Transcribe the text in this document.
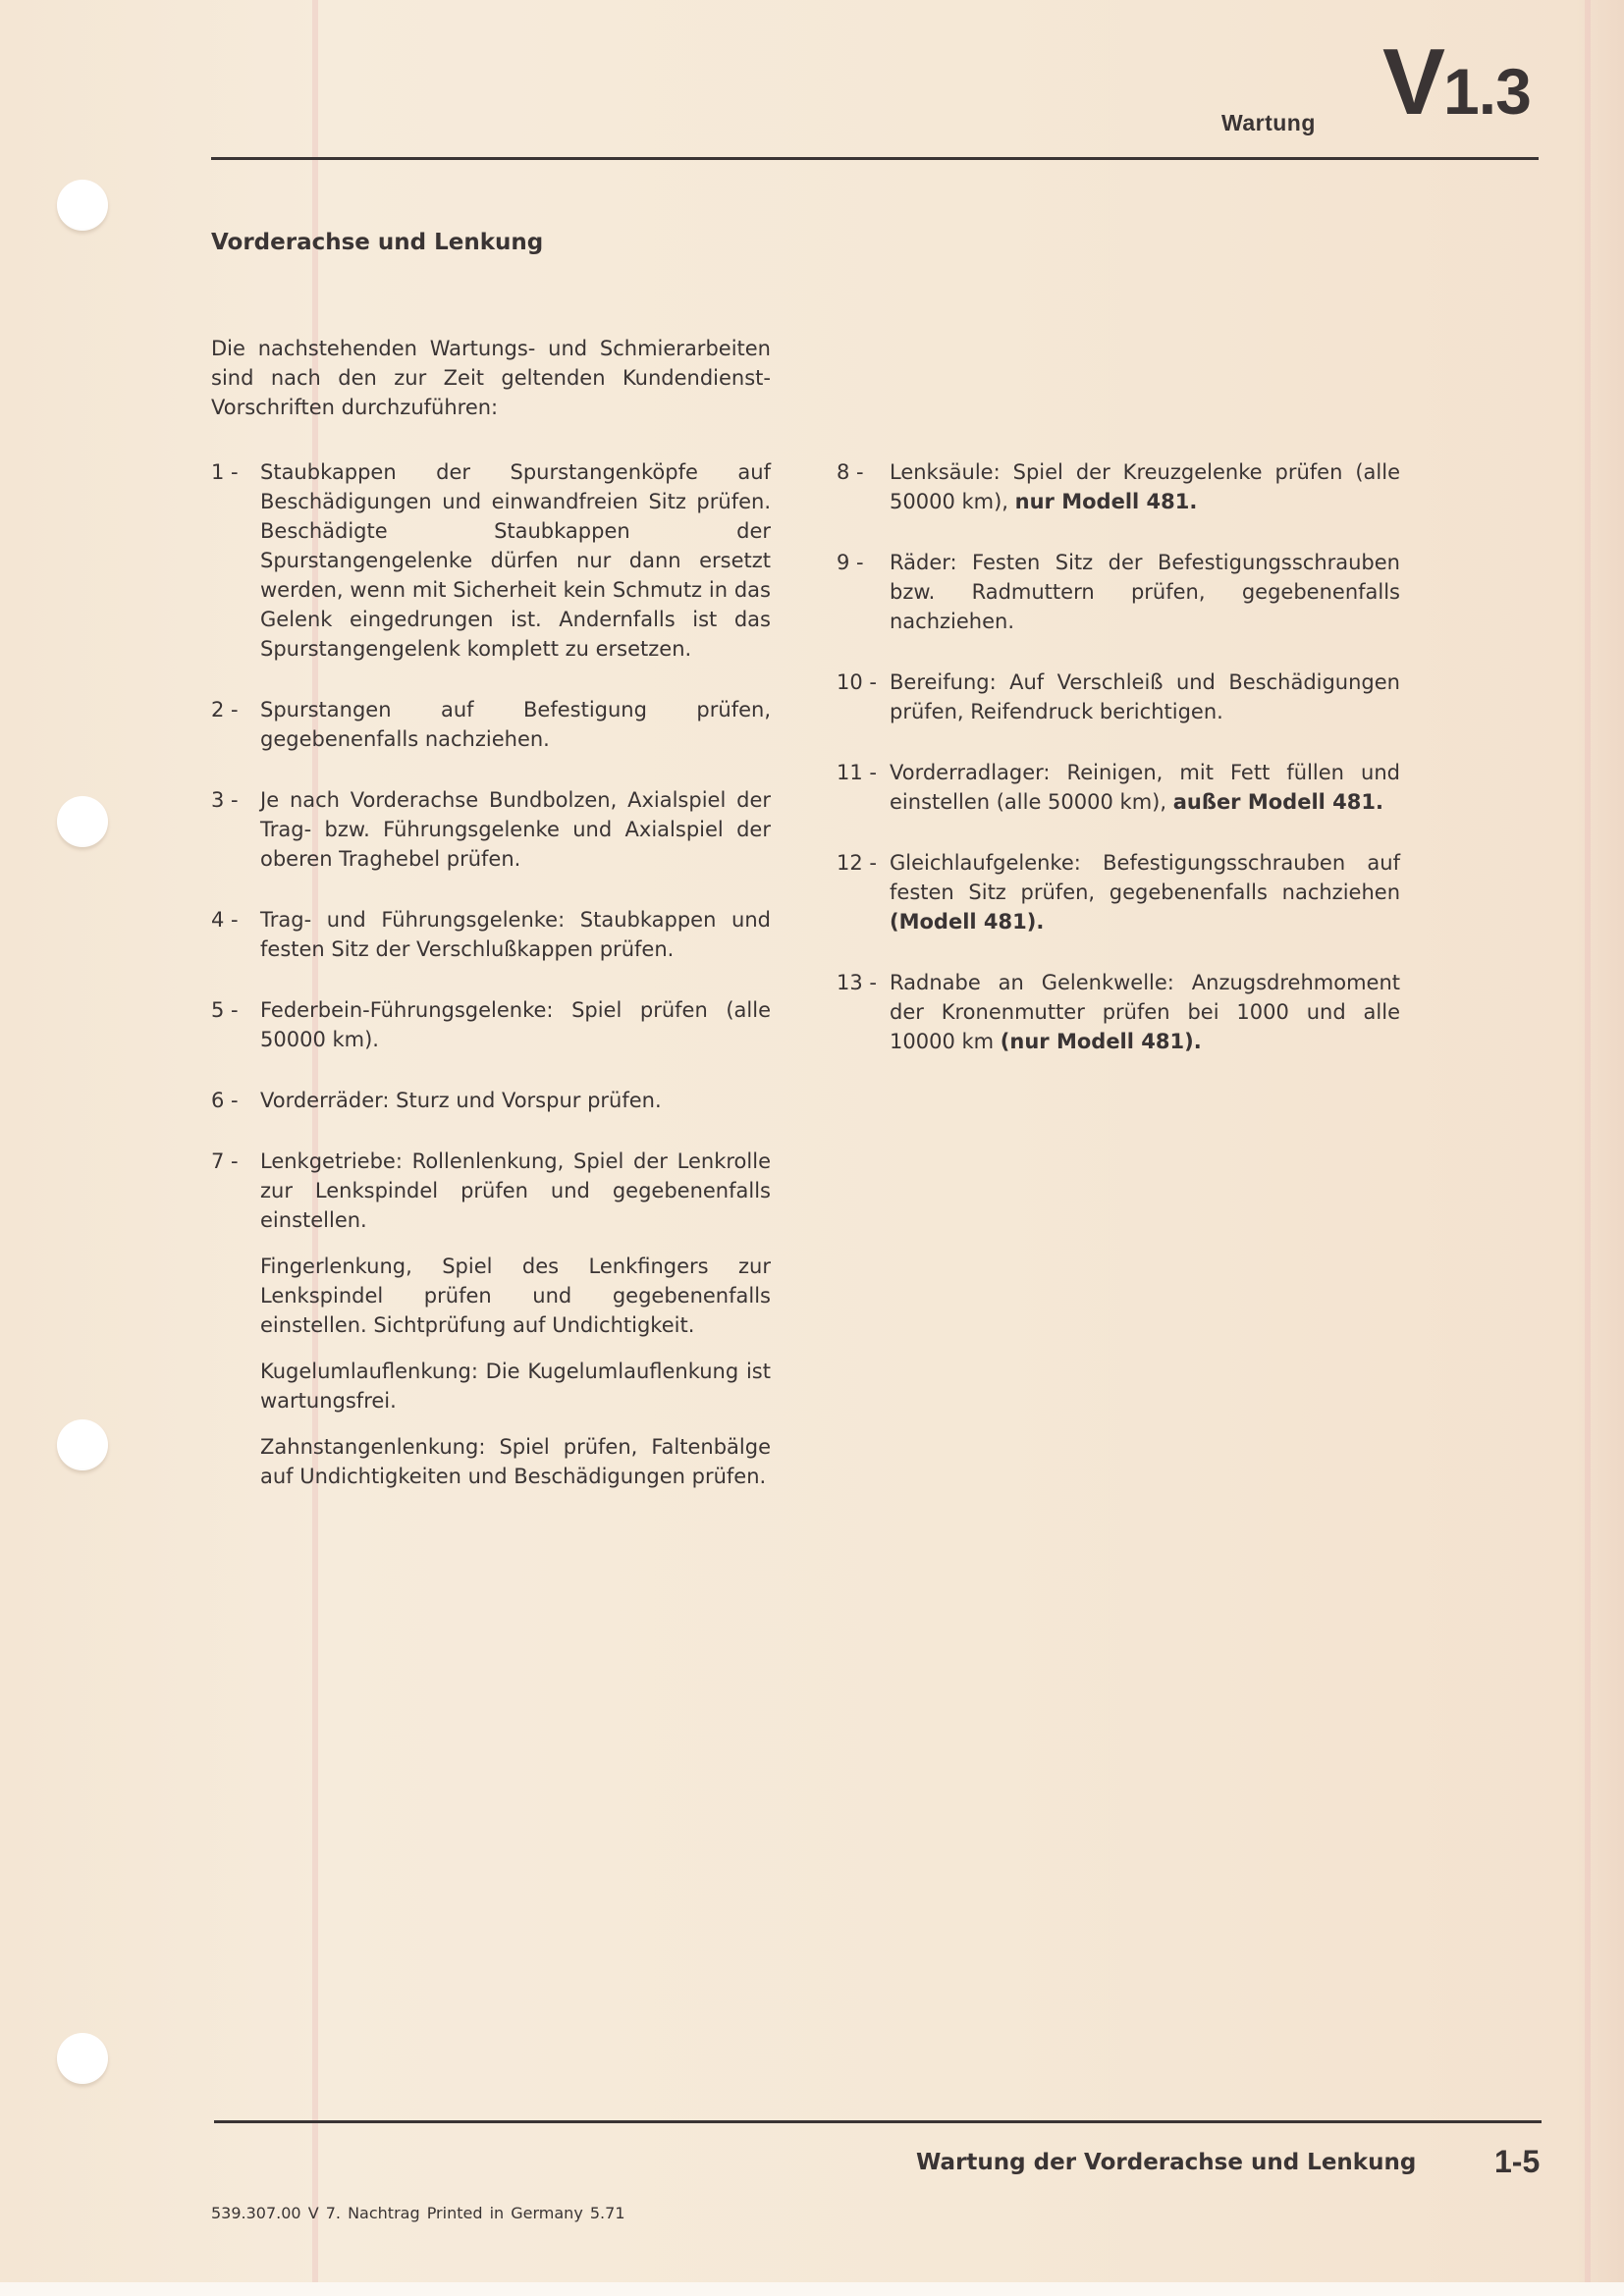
Wartung V1.3
Vorderachse und Lenkung
Die nachstehenden Wartungs- und Schmierarbeiten sind nach den zur Zeit geltenden Kundendienst-Vorschriften durchzuführen:
1 -	Staubkappen der Spurstangenköpfe auf Beschädigungen und einwandfreien Sitz prüfen. Beschädigte Staubkappen der Spurstangengelenke dürfen nur dann ersetzt werden, wenn mit Sicherheit kein Schmutz in das Gelenk eingedrungen ist. Andernfalls ist das Spurstangengelenk komplett zu ersetzen.
2 -	Spurstangen auf Befestigung prüfen, gegebenenfalls nachziehen.
3 -	Je nach Vorderachse Bundbolzen, Axialspiel der Trag- bzw. Führungsgelenke und Axialspiel der oberen Traghebel prüfen.
4 -	Trag- und Führungsgelenke: Staubkappen und festen Sitz der Verschlußkappen prüfen.
5 -	Federbein-Führungsgelenke: Spiel prüfen (alle 50000 km).
6 -	Vorderräder: Sturz und Vorspur prüfen.
7 -	Lenkgetriebe: Rollenlenkung, Spiel der Lenkrolle zur Lenkspindel prüfen und gegebenenfalls einstellen.

Fingerlenkung, Spiel des Lenkfingers zur Lenkspindel prüfen und gegebenenfalls einstellen. Sichtprüfung auf Undichtigkeit.

Kugelumlauflenkung: Die Kugelumlauflenkung ist wartungsfrei.

Zahnstangenlenkung: Spiel prüfen, Faltenbälge auf Undichtigkeiten und Beschädigungen prüfen.

8 -	Lenksäule: Spiel der Kreuzgelenke prüfen (alle 50000 km), nur Modell 481.
9 -	Räder: Festen Sitz der Befestigungsschrauben bzw. Radmuttern prüfen, gegebenenfalls nachziehen.
10 - Bereifung: Auf Verschleiß und Beschädigungen prüfen, Reifendruck berichtigen.
11 - Vorderradlager: Reinigen, mit Fett füllen und einstellen (alle 50000 km), außer Modell 481.
12 - Gleichlaufgelenke: Befestigungsschrauben auf festen Sitz prüfen, gegebenenfalls nachziehen (Modell 481).
13 - Radnabe an Gelenkwelle: Anzugsdrehmoment der Kronenmutter prüfen bei 1000 und alle 10000 km (nur Modell 481).
Wartung der Vorderachse und Lenkung 1-5
539.307.00 V 7. Nachtrag Printed in Germany 5.71
